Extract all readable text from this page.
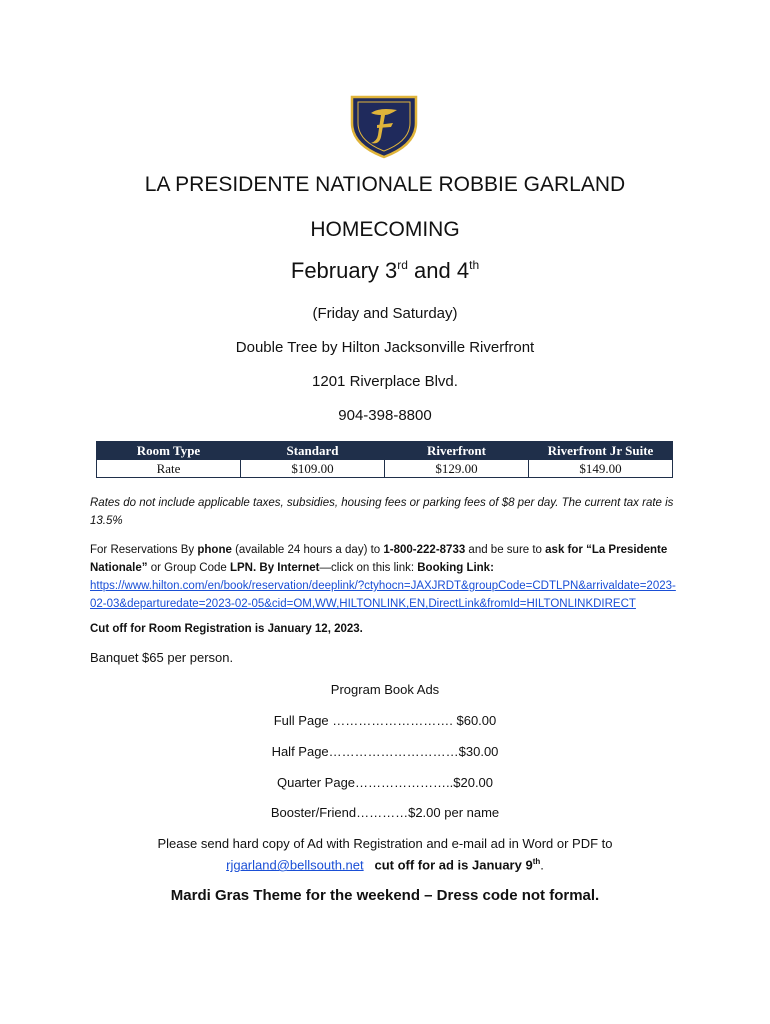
LA PRESIDENTE NATIONALE ROBBIE GARLAND
HOMECOMING
February 3rd and 4th
(Friday and Saturday)
Double Tree by Hilton Jacksonville Riverfront
1201 Riverplace Blvd.
904-398-8800
Room Type	Standard	Riverfront	Riverfront Jr Suite
Rate	$109.00	$129.00	$149.00
Rates do not include applicable taxes, subsidies, housing fees or parking fees of $8 per day. The current tax rate is 13.5%
For Reservations By phone (available 24 hours a day) to 1-800-222-8733 and be sure to ask for “La Presidente Nationale” or Group Code LPN. By Internet—click on this link: Booking Link:
https://www.hilton.com/en/book/reservation/deeplink/?ctyhocn=JAXJRDT&groupCode=CDTLPN&arrivaldate=2023-02-03&departuredate=2023-02-05&cid=OM,WW,HILTONLINK,EN,DirectLink&fromId=HILTONLINKDIRECT
Cut off for Room Registration is January 12, 2023.
Banquet $65 per person.
Program Book Ads
Full Page ………………………. $60.00
Half Page…………………………$30.00
Quarter Page…………………..$20.00
Booster/Friend…………$2.00 per name
Please send hard copy of Ad with Registration and e-mail ad in Word or PDF to
rjgarland@bellsouth.net cut off for ad is January 9th.
Mardi Gras Theme for the weekend – Dress code not formal.
